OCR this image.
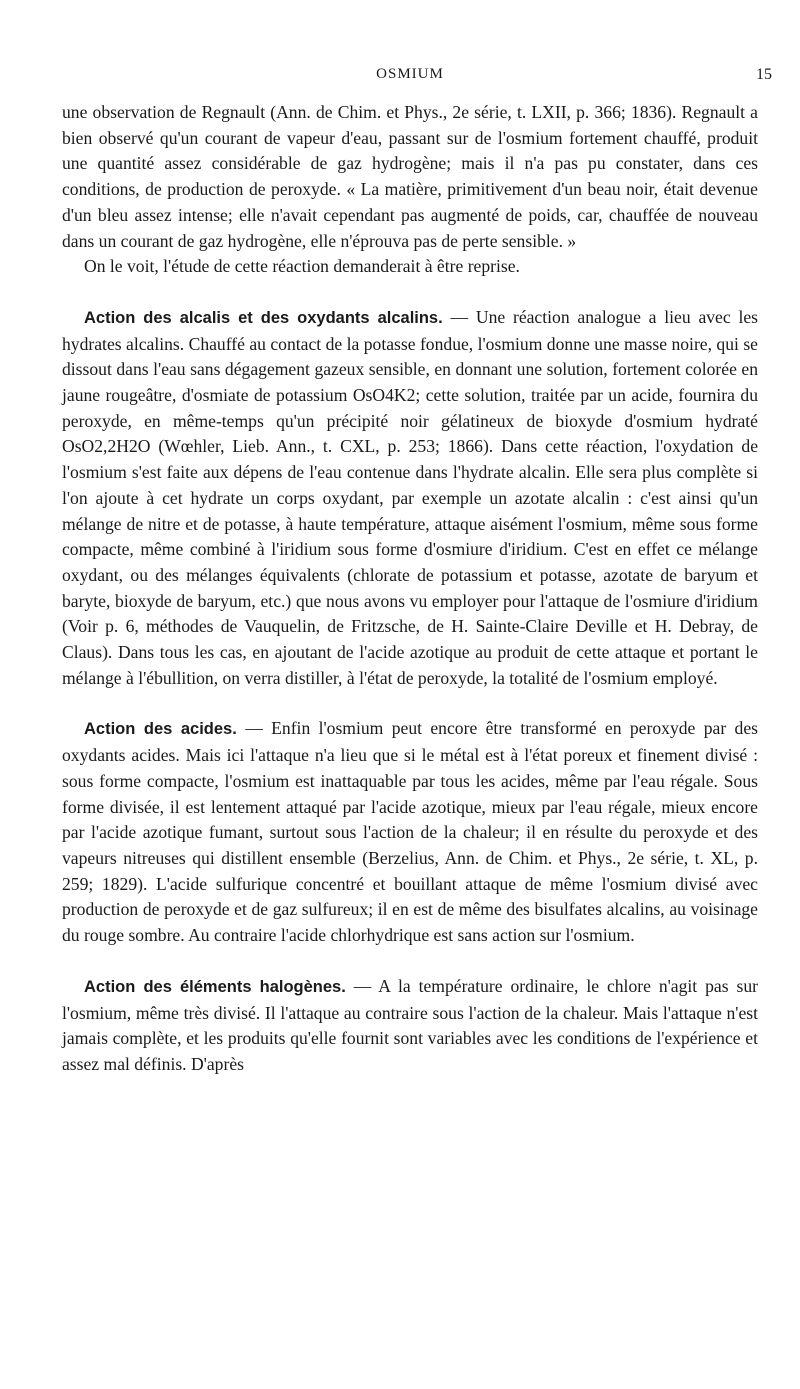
OSMIUM	15

une observation de Regnault (Ann. de Chim. et Phys., 2e série, t. LXII, p. 366; 1836). Regnault a bien observé qu'un courant de vapeur d'eau, passant sur de l'osmium fortement chauffé, produit une quantité assez considérable de gaz hydrogène; mais il n'a pas pu constater, dans ces conditions, de production de peroxyde. « La matière, primitivement d'un beau noir, était devenue d'un bleu assez intense; elle n'avait cependant pas augmenté de poids, car, chauffée de nouveau dans un courant de gaz hydrogène, elle n'éprouva pas de perte sensible. »

On le voit, l'étude de cette réaction demanderait à être reprise.

Action des alcalis et des oxydants alcalins. — Une réaction analogue a lieu avec les hydrates alcalins. Chauffé au contact de la potasse fondue, l'osmium donne une masse noire, qui se dissout dans l'eau sans dégagement gazeux sensible, en donnant une solution, fortement colorée en jaune rougeâtre, d'osmiate de potassium OsO4K2; cette solution, traitée par un acide, fournira du peroxyde, en même-temps qu'un précipité noir gélatineux de bioxyde d'osmium hydraté OsO2,2H2O (Wœhler, Lieb. Ann., t. CXL, p. 253; 1866). Dans cette réaction, l'oxydation de l'osmium s'est faite aux dépens de l'eau contenue dans l'hydrate alcalin. Elle sera plus complète si l'on ajoute à cet hydrate un corps oxydant, par exemple un azotate alcalin : c'est ainsi qu'un mélange de nitre et de potasse, à haute température, attaque aisément l'osmium, même sous forme compacte, même combiné à l'iridium sous forme d'osmiure d'iridium. C'est en effet ce mélange oxydant, ou des mélanges équivalents (chlorate de potassium et potasse, azotate de baryum et baryte, bioxyde de baryum, etc.) que nous avons vu employer pour l'attaque de l'osmiure d'iridium (Voir p. 6, méthodes de Vauquelin, de Fritzsche, de H. Sainte-Claire Deville et H. Debray, de Claus). Dans tous les cas, en ajoutant de l'acide azotique au produit de cette attaque et portant le mélange à l'ébullition, on verra distiller, à l'état de peroxyde, la totalité de l'osmium employé.

Action des acides. — Enfin l'osmium peut encore être transformé en peroxyde par des oxydants acides. Mais ici l'attaque n'a lieu que si le métal est à l'état poreux et finement divisé : sous forme compacte, l'osmium est inattaquable par tous les acides, même par l'eau régale. Sous forme divisée, il est lentement attaqué par l'acide azotique, mieux par l'eau régale, mieux encore par l'acide azotique fumant, surtout sous l'action de la chaleur; il en résulte du peroxyde et des vapeurs nitreuses qui distillent ensemble (Berzelius, Ann. de Chim. et Phys., 2e série, t. XL, p. 259; 1829). L'acide sulfurique concentré et bouillant attaque de même l'osmium divisé avec production de peroxyde et de gaz sulfureux; il en est de même des bisulfates alcalins, au voisinage du rouge sombre. Au contraire l'acide chlorhydrique est sans action sur l'osmium.

Action des éléments halogènes. — A la température ordinaire, le chlore n'agit pas sur l'osmium, même très divisé. Il l'attaque au contraire sous l'action de la chaleur. Mais l'attaque n'est jamais complète, et les produits qu'elle fournit sont variables avec les conditions de l'expérience et assez mal définis. D'après
